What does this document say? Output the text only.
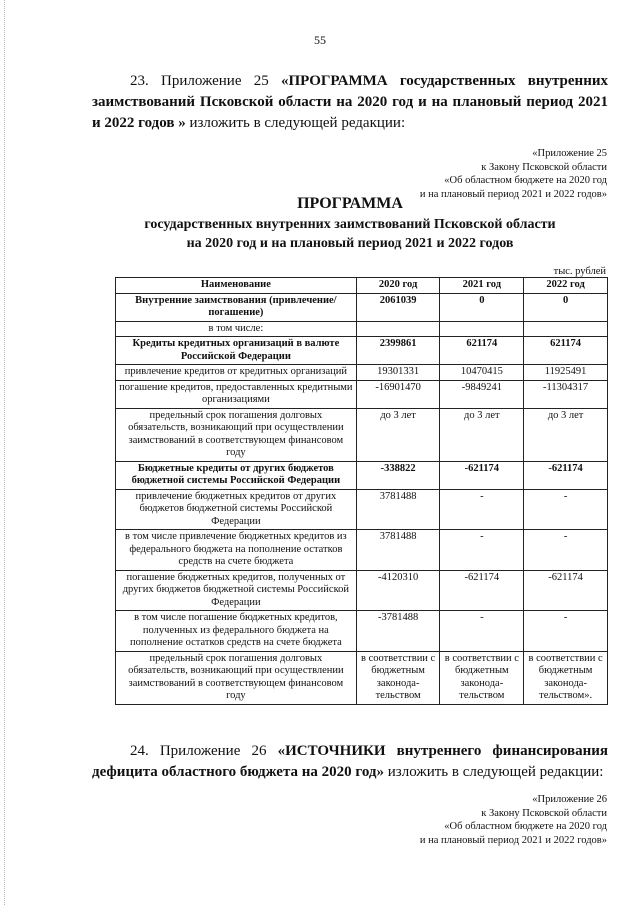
55
23. Приложение 25 «ПРОГРАММА государственных внутренних заимствований Псковской области на 2020 год и на плановый период 2021 и 2022 годов » изложить в следующей редакции:
«Приложение 25
к Закону Псковской области
«Об областном бюджете на 2020 год
и на плановый период 2021 и 2022 годов»
ПРОГРАММА
государственных внутренних заимствований Псковской области
на 2020 год и на плановый период 2021 и 2022 годов
тыс. рублей
Наименование	2020 год	2021 год	2022 год
Внутренние заимствования (привлечение/погашение)	2061039	0	0
в том числе:			
Кредиты кредитных организаций в валюте Российской Федерации	2399861	621174	621174
привлечение кредитов от кредитных организаций	19301331	10470415	11925491
погашение кредитов, предоставленных кредитными организациями	-16901470	-9849241	-11304317
предельный срок погашения долговых обязательств, возникающий при осуществлении заимствований в соответствующем финансовом году	до 3 лет	до 3 лет	до 3 лет
Бюджетные кредиты от других бюджетов бюджетной системы Российской Федерации	-338822	-621174	-621174
привлечение бюджетных кредитов от других бюджетов бюджетной системы Российской Федерации	3781488	-	-
в том числе привлечение бюджетных кредитов из федерального бюджета на пополнение остатков средств на счете бюджета	3781488	-	-
погашение бюджетных кредитов, полученных от других бюджетов бюджетной системы Российской Федерации	-4120310	-621174	-621174
в том числе погашение бюджетных кредитов, полученных из федерального бюджета на пополнение остатков средств на счете бюджета	-3781488	-	-
предельный срок погашения долговых обязательств, возникающий при осуществлении заимствований в соответствующем финансовом году	в соответствии с бюджетным законода-тельством	в соответствии с бюджетным законода-тельством	в соответствии с бюджетным законода-тельством».
24. Приложение 26 «ИСТОЧНИКИ внутреннего финансирования дефицита областного бюджета на 2020 год» изложить в следующей редакции:
«Приложение 26
к Закону Псковской области
«Об областном бюджете на 2020 год
и на плановый период 2021 и 2022 годов»
